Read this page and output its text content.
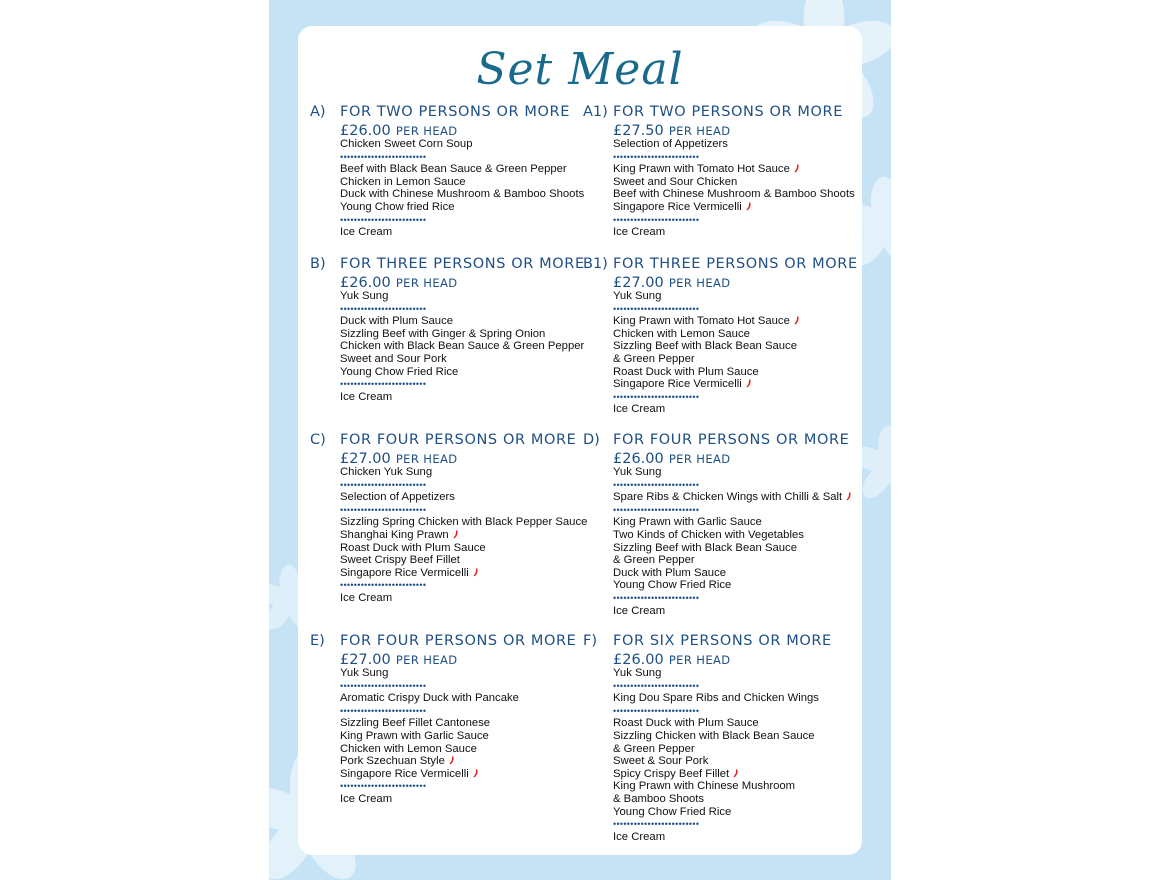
Set Meal
A) FOR TWO PERSONS OR MORE
£26.00 PER HEAD
Chicken Sweet Corn Soup
•••••••••••••••••••••••••
Beef with Black Bean Sauce & Green Pepper
Chicken in Lemon Sauce
Duck with Chinese Mushroom & Bamboo Shoots
Young Chow fried Rice
•••••••••••••••••••••••••
Ice Cream
A1) FOR TWO PERSONS OR MORE
£27.50 PER HEAD
Selection of Appetizers
•••••••••••••••••••••••••
King Prawn with Tomato Hot Sauce
Sweet and Sour Chicken
Beef with Chinese Mushroom & Bamboo Shoots
Singapore Rice Vermicelli
•••••••••••••••••••••••••
Ice Cream
B) FOR THREE PERSONS OR MORE
£26.00 PER HEAD
Yuk Sung
•••••••••••••••••••••••••
Duck with Plum Sauce
Sizzling Beef with Ginger & Spring Onion
Chicken with Black Bean Sauce & Green Pepper
Sweet and Sour Pork
Young Chow Fried Rice
•••••••••••••••••••••••••
Ice Cream
B1) FOR THREE PERSONS OR MORE
£27.00 PER HEAD
Yuk Sung
•••••••••••••••••••••••••
King Prawn with Tomato Hot Sauce
Chicken with Lemon Sauce
Sizzling Beef with Black Bean Sauce
& Green Pepper
Roast Duck with Plum Sauce
Singapore Rice Vermicelli
•••••••••••••••••••••••••
Ice Cream
C) FOR FOUR PERSONS OR MORE
£27.00 PER HEAD
Chicken Yuk Sung
•••••••••••••••••••••••••
Selection of Appetizers
•••••••••••••••••••••••••
Sizzling Spring Chicken with Black Pepper Sauce
Shanghai King Prawn
Roast Duck with Plum Sauce
Sweet Crispy Beef Fillet
Singapore Rice Vermicelli
•••••••••••••••••••••••••
Ice Cream
D) FOR FOUR PERSONS OR MORE
£26.00 PER HEAD
Yuk Sung
•••••••••••••••••••••••••
Spare Ribs & Chicken Wings with Chilli & Salt
•••••••••••••••••••••••••
King Prawn with Garlic Sauce
Two Kinds of Chicken with Vegetables
Sizzling Beef with Black Bean Sauce
& Green Pepper
Duck with Plum Sauce
Young Chow Fried Rice
•••••••••••••••••••••••••
Ice Cream
E) FOR FOUR PERSONS OR MORE
£27.00 PER HEAD
Yuk Sung
•••••••••••••••••••••••••
Aromatic Crispy Duck with Pancake
•••••••••••••••••••••••••
Sizzling Beef Fillet Cantonese
King Prawn with Garlic Sauce
Chicken with Lemon Sauce
Pork Szechuan Style
Singapore Rice Vermicelli
•••••••••••••••••••••••••
Ice Cream
F) FOR SIX PERSONS OR MORE
£26.00 PER HEAD
Yuk Sung
•••••••••••••••••••••••••
King Dou Spare Ribs and Chicken Wings
•••••••••••••••••••••••••
Roast Duck with Plum Sauce
Sizzling Chicken with Black Bean Sauce
& Green Pepper
Sweet & Sour Pork
Spicy Crispy Beef Fillet
King Prawn with Chinese Mushroom
& Bamboo Shoots
Young Chow Fried Rice
•••••••••••••••••••••••••
Ice Cream
